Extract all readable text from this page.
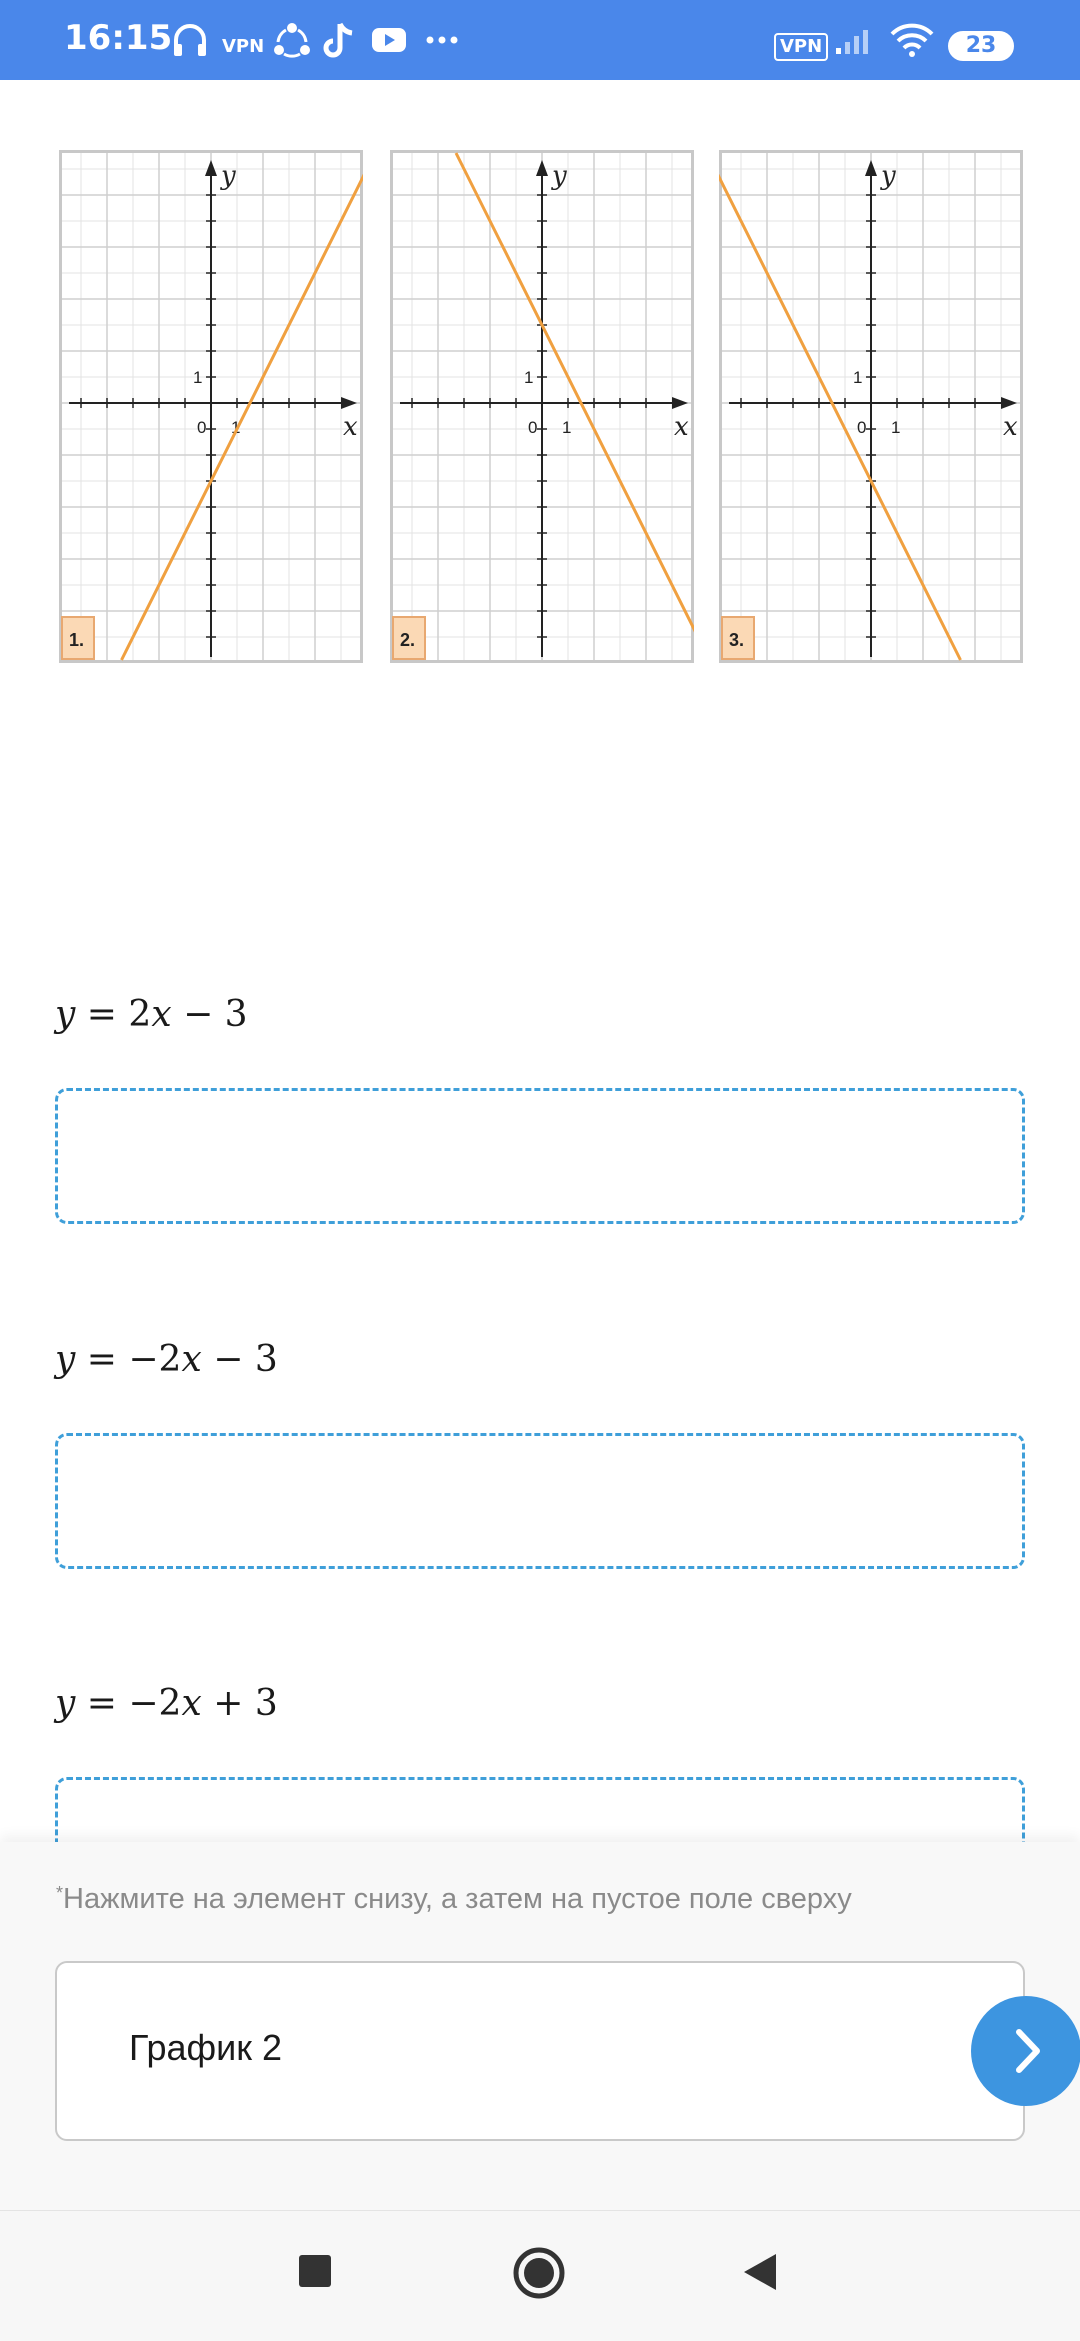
16:15	VPN	VPN	23
0 1
1
x
y
1.
0 1
1
x
y
2.
0 1
1
x
y
3.
y = 2x − 3
y = −2x − 3
y = −2x + 3
*Нажмите на элемент снизу, а затем на пустое поле сверху
График 2
